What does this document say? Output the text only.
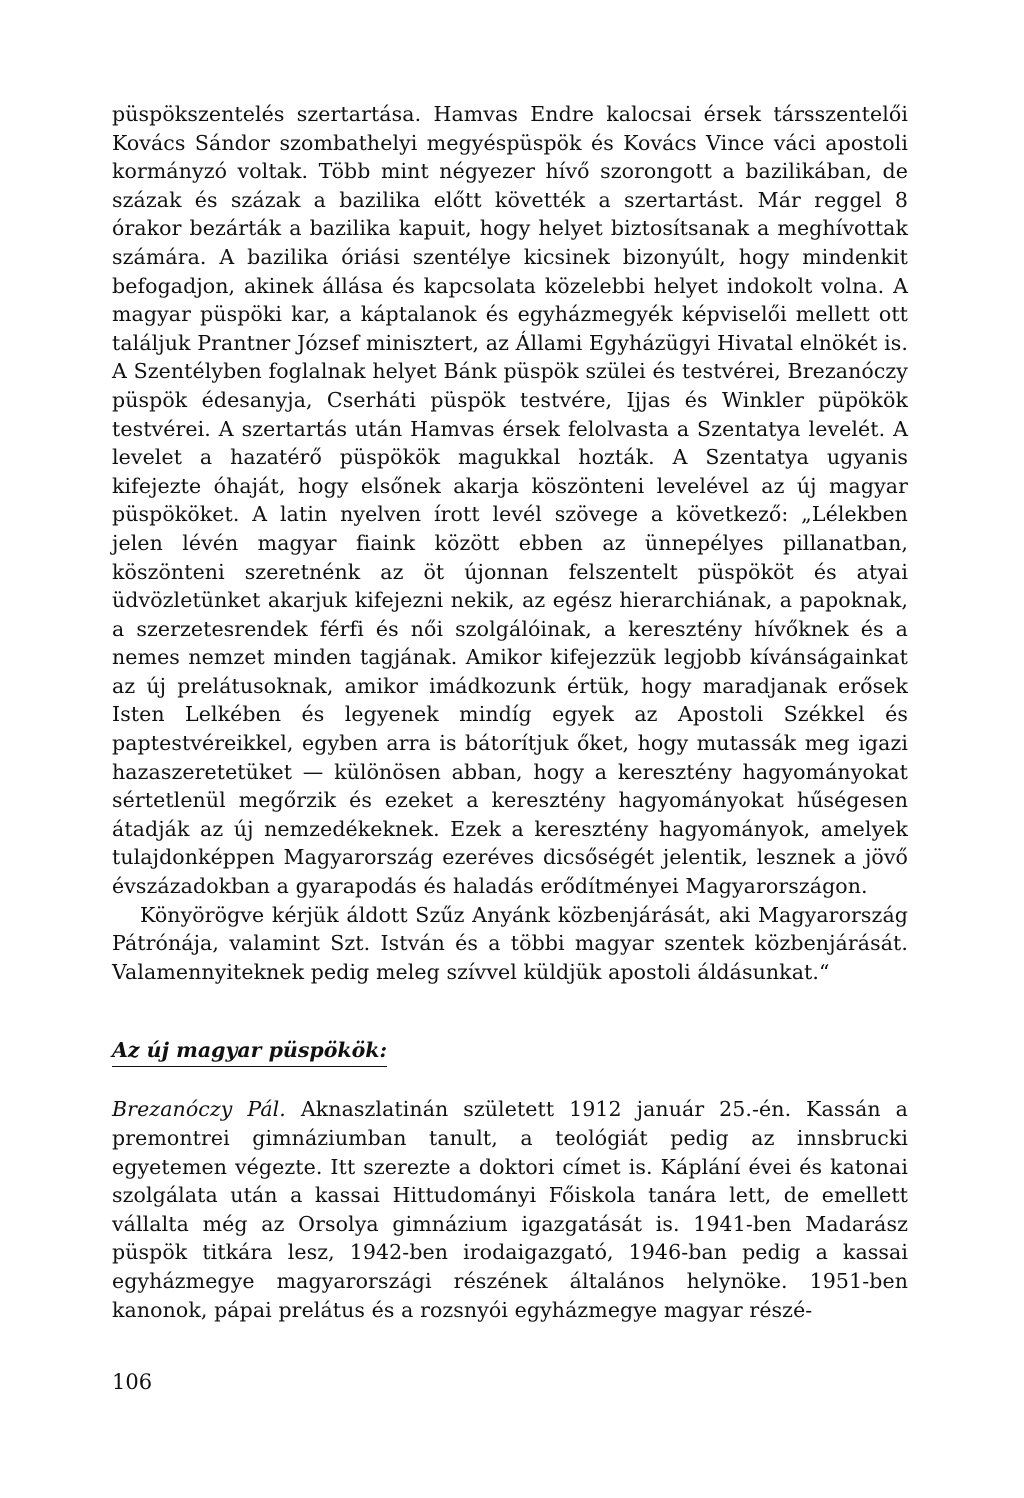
püspökszentelés szertartása. Hamvas Endre kalocsai érsek társszentelői Kovács Sándor szombathelyi megyéspüspök és Kovács Vince váci apostoli kormányzó voltak. Több mint négyezer hívő szorongott a bazilikában, de százak és százak a bazilika előtt követték a szertartást. Már reggel 8 órakor bezárták a bazilika kapuit, hogy helyet biztosítsanak a meghívottak számára. A bazilika óriási szentélye kicsinek bizonyúlt, hogy mindenkit befogadjon, akinek állása és kapcsolata közelebbi helyet indokolt volna. A magyar püspöki kar, a káptalanok és egyházmegyék képviselői mellett ott találjuk Prantner József minisztert, az Állami Egyházügyi Hivatal elnökét is. A Szentélyben foglalnak helyet Bánk püspök szülei és testvérei, Brezanóczy püspök édesanyja, Cserháti püspök testvére, Ijjas és Winkler püpökök testvérei. A szertartás után Hamvas érsek felolvasta a Szentatya levelét. A levelet a hazatérő püspökök magukkal hozták. A Szentatya ugyanis kifejezte óhaját, hogy elsőnek akarja köszönteni levelével az új magyar püspököket. A latin nyelven írott levél szövege a következő: „Lélekben jelen lévén magyar fiaink között ebben az ünnepélyes pillanatban, köszönteni szeretnénk az öt újonnan felszentelt püspököt és atyai üdvözletünket akarjuk kifejezni nekik, az egész hierarchiának, a papoknak, a szerzetesrendek férfi és női szolgálóinak, a keresztény hívőknek és a nemes nemzet minden tagjának. Amikor kifejezzük legjobb kívánságainkat az új prelátusoknak, amikor imádkozunk értük, hogy maradjanak erősek Isten Lelkében és legyenek mindíg egyek az Apostoli Székkel és paptestvéreikkel, egyben arra is bátorítjuk őket, hogy mutassák meg igazi hazaszeretetüket — különösen abban, hogy a keresztény hagyományokat sértetlenül megőrzik és ezeket a keresztény hagyományokat hűségesen átadják az új nemzedékeknek. Ezek a keresztény hagyományok, amelyek tulajdonképpen Magyarország ezeréves dicsőségét jelentik, lesznek a jövő évszázadokban a gyarapodás és haladás erődítményei Magyarországon.

Könyörögve kérjük áldott Szűz Anyánk közbenjárását, aki Magyarország Pátrónája, valamint Szt. István és a többi magyar szentek közbenjárását. Valamennyiteknek pedig meleg szívvel küldjük apostoli áldásunkat.“

Az új magyar püspökök:

Brezanóczy Pál. Aknaszlatinán született 1912 január 25.-én. Kassán a premontrei gimnáziumban tanult, a teológiát pedig az innsbrucki egyetemen végezte. Itt szerezte a doktori címet is. Káplání évei és katonai szolgálata után a kassai Hittudományi Főiskola tanára lett, de emellett vállalta még az Orsolya gimnázium igazgatását is. 1941-ben Madarász püspök titkára lesz, 1942-ben irodaigazgató, 1946-ban pedig a kassai egyházmegye magyarországi részének általános helynöke. 1951-ben kanonok, pápai prelátus és a rozsnyói egyházmegye magyar részé-

106
